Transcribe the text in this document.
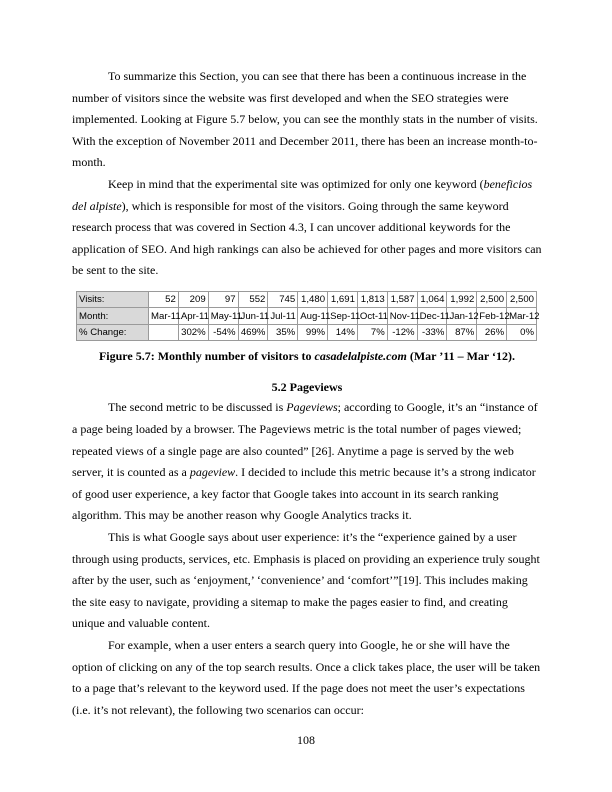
To summarize this Section, you can see that there has been a continuous increase in the number of visitors since the website was first developed and when the SEO strategies were implemented. Looking at Figure 5.7 below, you can see the monthly stats in the number of visits. With the exception of November 2011 and December 2011, there has been an increase month-to-month.

Keep in mind that the experimental site was optimized for only one keyword (beneficios del alpiste), which is responsible for most of the visitors. Going through the same keyword research process that was covered in Section 4.3, I can uncover additional keywords for the application of SEO. And high rankings can also be achieved for other pages and more visitors can be sent to the site.

Visits:	52	209	97	552	745	1,480	1,691	1,813	1,587	1,064	1,992	2,500	2,500
Month:	Mar-11	Apr-11	May-11	Jun-11	Jul-11	Aug-11	Sep-11	Oct-11	Nov-11	Dec-11	Jan-12	Feb-12	Mar-12
% Change:		302%	-54%	469%	35%	99%	14%	7%	-12%	-33%	87%	26%	0%
Figure 5.7: Monthly number of visitors to casadelalpiste.com (Mar ’11 – Mar ‘12).
5.2 Pageviews

The second metric to be discussed is Pageviews; according to Google, it’s an “instance of a page being loaded by a browser. The Pageviews metric is the total number of pages viewed; repeated views of a single page are also counted” [26]. Anytime a page is served by the web server, it is counted as a pageview. I decided to include this metric because it’s a strong indicator of good user experience, a key factor that Google takes into account in its search ranking algorithm. This may be another reason why Google Analytics tracks it.

This is what Google says about user experience: it’s the “experience gained by a user through using products, services, etc. Emphasis is placed on providing an experience truly sought after by the user, such as ‘enjoyment,’ ‘convenience’ and ‘comfort’”[19]. This includes making the site easy to navigate, providing a sitemap to make the pages easier to find, and creating unique and valuable content.

For example, when a user enters a search query into Google, he or she will have the option of clicking on any of the top search results. Once a click takes place, the user will be taken to a page that’s relevant to the keyword used. If the page does not meet the user’s expectations (i.e. it’s not relevant), the following two scenarios can occur:

108
